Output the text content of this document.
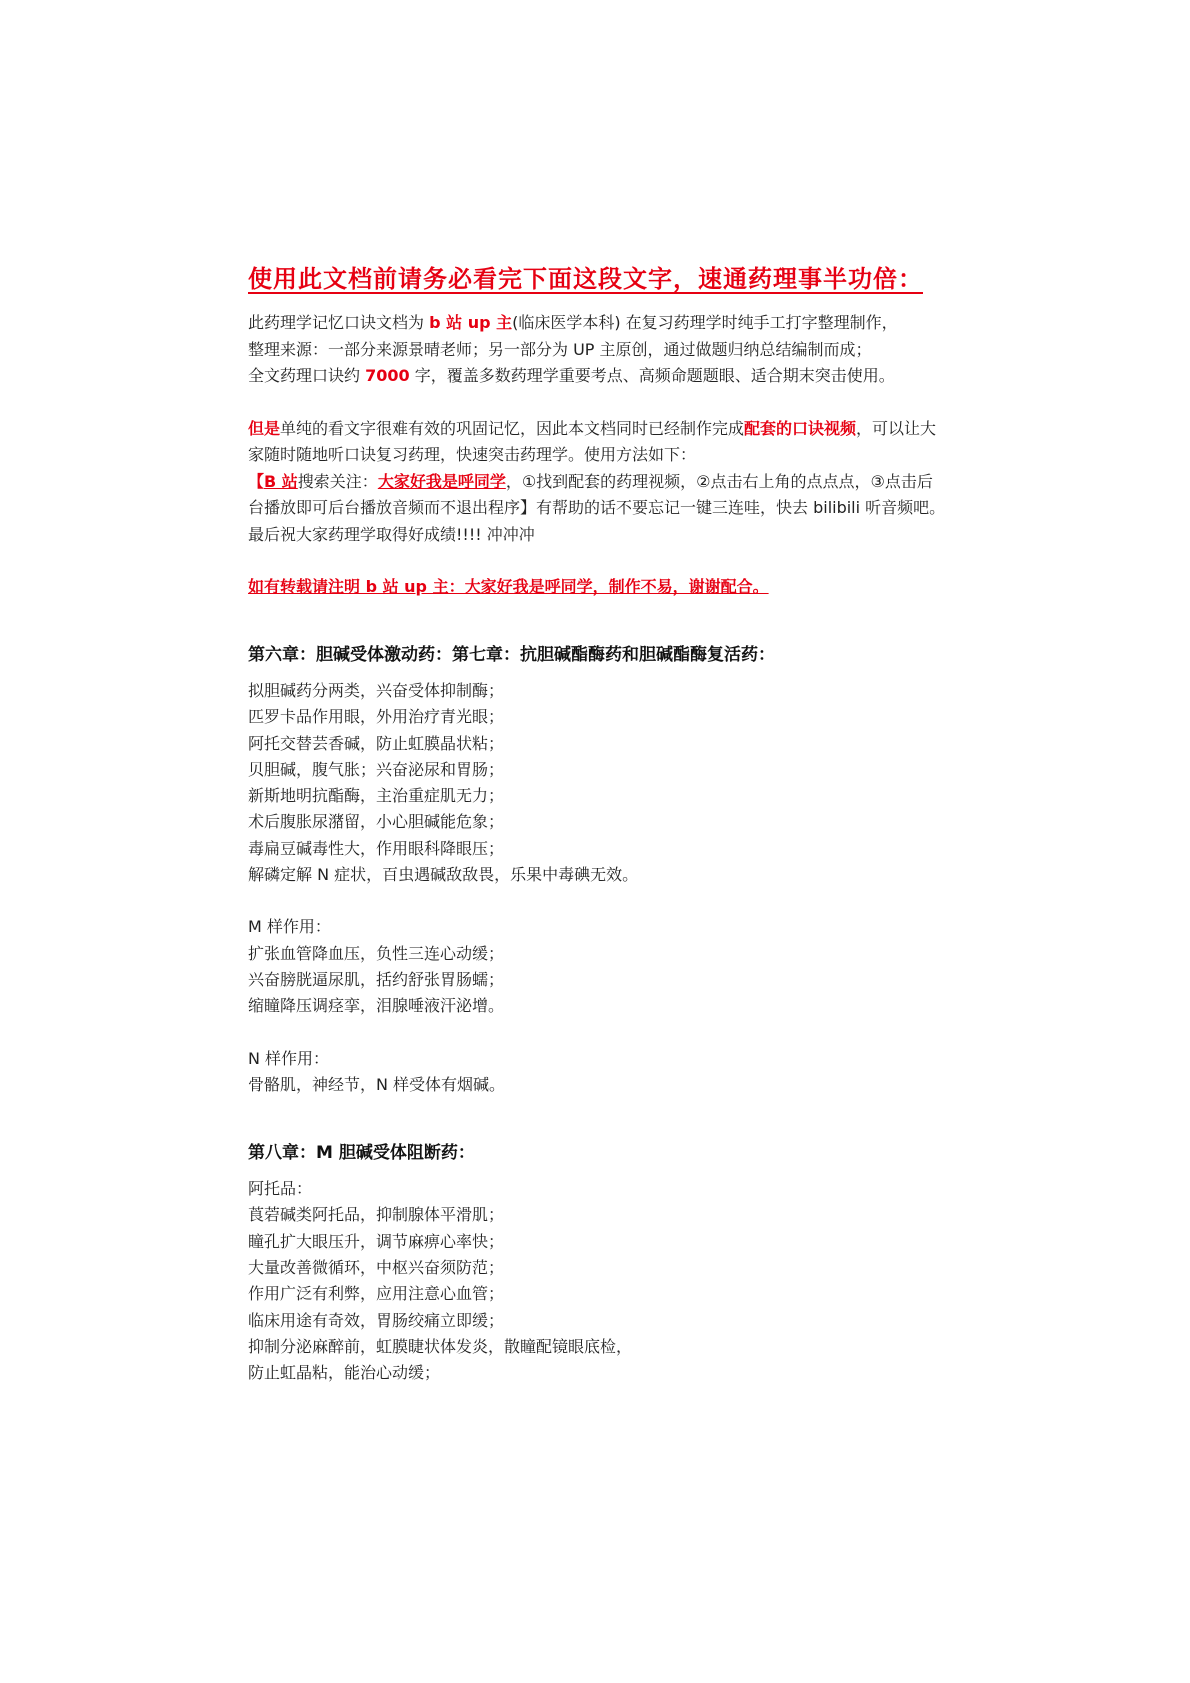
使用此文档前请务必看完下面这段文字，速通药理事半功倍：

此药理学记忆口诀文档为 b 站 up 主(临床医学本科) 在复习药理学时纯手工打字整理制作，

整理来源：一部分来源景晴老师；另一部分为 UP 主原创，通过做题归纳总结编制而成；

全文药理口诀约 7000 字，覆盖多数药理学重要考点、高频命题题眼、适合期末突击使用。

但是单纯的看文字很难有效的巩固记忆，因此本文档同时已经制作完成配套的口诀视频，可以让大家随时随地听口诀复习药理，快速突击药理学。使用方法如下：

【B 站搜索关注：大家好我是呼同学，①找到配套的药理视频，②点击右上角的点点点，③点击后台播放即可后台播放音频而不退出程序】有帮助的话不要忘记一键三连哇，快去 bilibili 听音频吧。

最后祝大家药理学取得好成绩!!!! 冲冲冲

如有转载请注明 b 站 up 主：大家好我是呼同学，制作不易，谢谢配合。
第六章：胆碱受体激动药：第七章：抗胆碱酯酶药和胆碱酯酶复活药：

拟胆碱药分两类，兴奋受体抑制酶；

匹罗卡品作用眼，外用治疗青光眼；

阿托交替芸香碱，防止虹膜晶状粘；

贝胆碱，腹气胀；兴奋泌尿和胃肠；

新斯地明抗酯酶，主治重症肌无力；

术后腹胀尿潴留，小心胆碱能危象；

毒扁豆碱毒性大，作用眼科降眼压；

解磷定解 N 症状，百虫遇碱敌敌畏，乐果中毒碘无效。

M 样作用：

扩张血管降血压，负性三连心动缓；

兴奋膀胱逼尿肌，括约舒张胃肠蠕；

缩瞳降压调痉挛，泪腺唾液汗泌增。

N 样作用：

骨骼肌，神经节，N 样受体有烟碱。

第八章：M 胆碱受体阻断药：

阿托品：

莨菪碱类阿托品，抑制腺体平滑肌；

瞳孔扩大眼压升，调节麻痹心率快；

大量改善微循环，中枢兴奋须防范；

作用广泛有利弊，应用注意心血管；

临床用途有奇效，胃肠绞痛立即缓；

抑制分泌麻醉前，虹膜睫状体发炎，散瞳配镜眼底检，

防止虹晶粘，能治心动缓；
